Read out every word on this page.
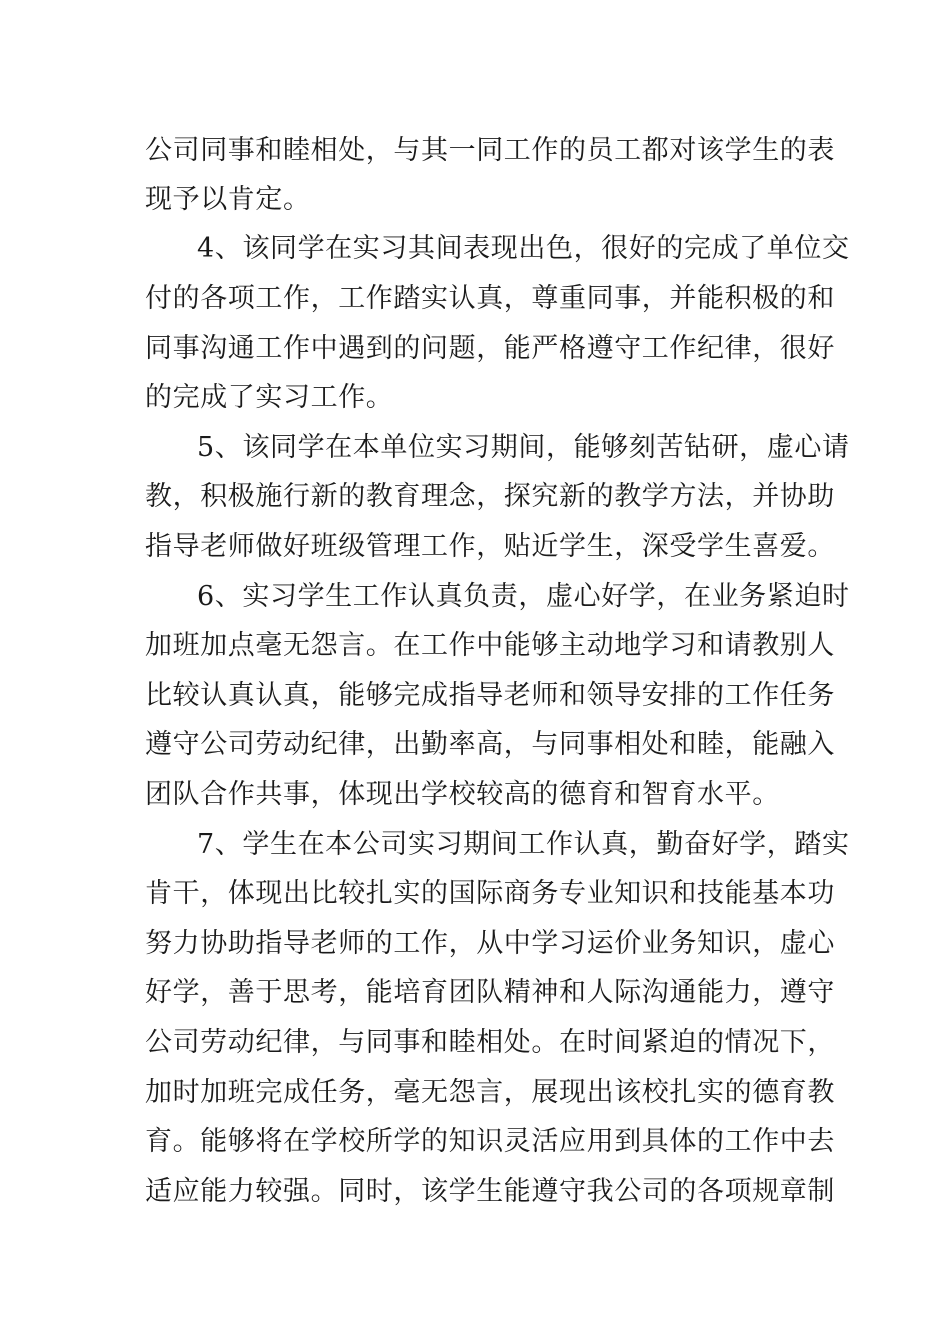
公司同事和睦相处，与其一同工作的员工都对该学生的表
现予以肯定。
4、该同学在实习其间表现出色，很好的完成了单位交
付的各项工作，工作踏实认真，尊重同事，并能积极的和
同事沟通工作中遇到的问题，能严格遵守工作纪律，很好
的完成了实习工作。
5、该同学在本单位实习期间，能够刻苦钻研，虚心请
教，积极施行新的教育理念，探究新的教学方法，并协助
指导老师做好班级管理工作，贴近学生，深受学生喜爱。
6、实习学生工作认真负责，虚心好学，在业务紧迫时
加班加点毫无怨言。在工作中能够主动地学习和请教别人
比较认真认真，能够完成指导老师和领导安排的工作任务
遵守公司劳动纪律，出勤率高，与同事相处和睦，能融入
团队合作共事，体现出学校较高的德育和智育水平。
7、学生在本公司实习期间工作认真，勤奋好学，踏实
肯干，体现出比较扎实的国际商务专业知识和技能基本功
努力协助指导老师的工作，从中学习运价业务知识，虚心
好学，善于思考，能培育团队精神和人际沟通能力，遵守
公司劳动纪律，与同事和睦相处。在时间紧迫的情况下，
加时加班完成任务，毫无怨言，展现出该校扎实的德育教
育。能够将在学校所学的知识灵活应用到具体的工作中去
适应能力较强。同时，该学生能遵守我公司的各项规章制
